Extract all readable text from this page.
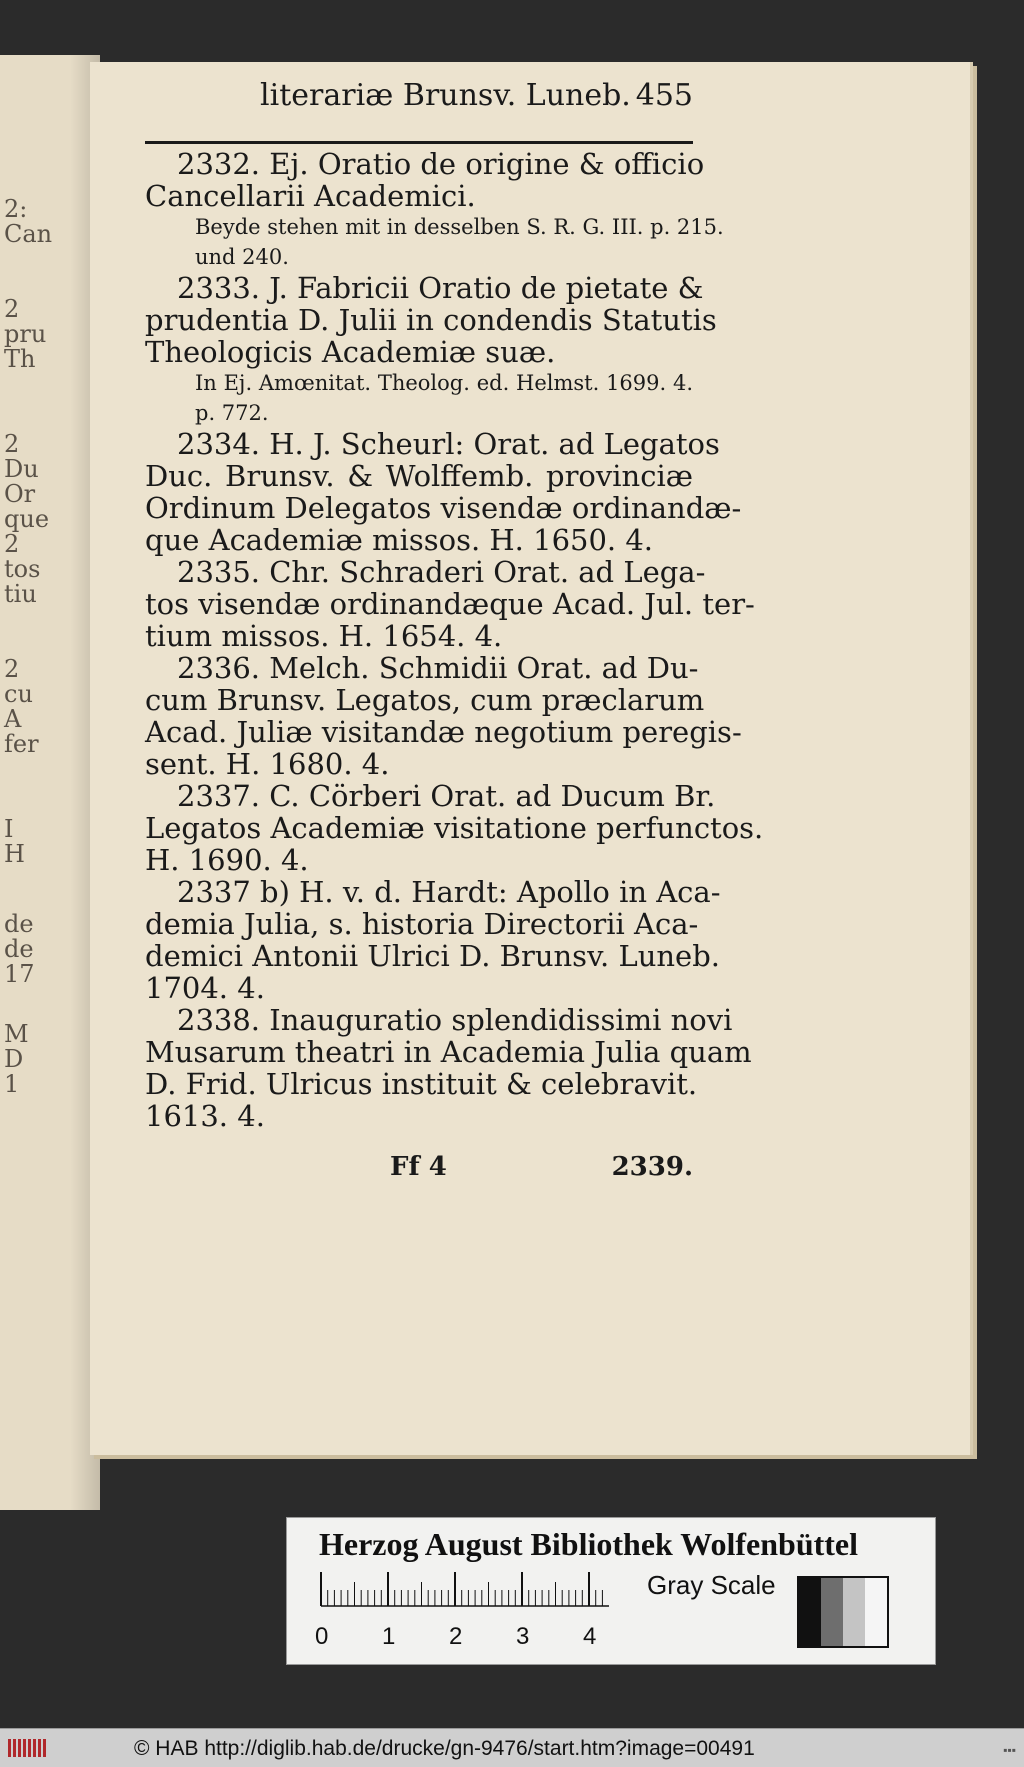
2:
Can
2
pru
Th
2
Du
Or
que
2
tos
tiu
2
cu
A
fer
I
H
de
de
17
M
D
1
literariæ Brunsv. Luneb. 455
2332. Ej. Oratio de origine & officio
Cancellarii Academici.
Beyde stehen mit in desselben S. R. G. III. p. 215.
und 240.
2333. J. Fabricii Oratio de pietate &
prudentia D. Julii in condendis Statutis
Theologicis Academiæ suæ.
In Ej. Amœnitat. Theolog. ed. Helmst. 1699. 4.
p. 772.
2334. H. J. Scheurl: Orat. ad Legatos
Duc. Brunsv. & Wolffemb. provinciæ
Ordinum Delegatos visendæ ordinandæ-
que Academiæ missos. H. 1650. 4.
2335. Chr. Schraderi Orat. ad Lega-
tos visendæ ordinandæque Acad. Jul. ter-
tium missos. H. 1654. 4.
2336. Melch. Schmidii Orat. ad Du-
cum Brunsv. Legatos, cum præclarum
Acad. Juliæ visitandæ negotium peregis-
sent. H. 1680. 4.
2337. C. Cörberi Orat. ad Ducum Br.
Legatos Academiæ visitatione perfunctos.
H. 1690. 4.
2337 b) H. v. d. Hardt: Apollo in Aca-
demia Julia, s. historia Directorii Aca-
demici Antonii Ulrici D. Brunsv. Luneb.
1704. 4.
2338. Inauguratio splendidissimi novi
Musarum theatri in Academia Julia quam
D. Frid. Ulricus instituit & celebravit.
1613. 4.
Ff 4	2339.
Herzog August Bibliothek Wolfenbüttel
0 1 2 3 4
Gray Scale
© HAB http://diglib.hab.de/drucke/gn-9476/start.htm?image=00491	▪▪▪
